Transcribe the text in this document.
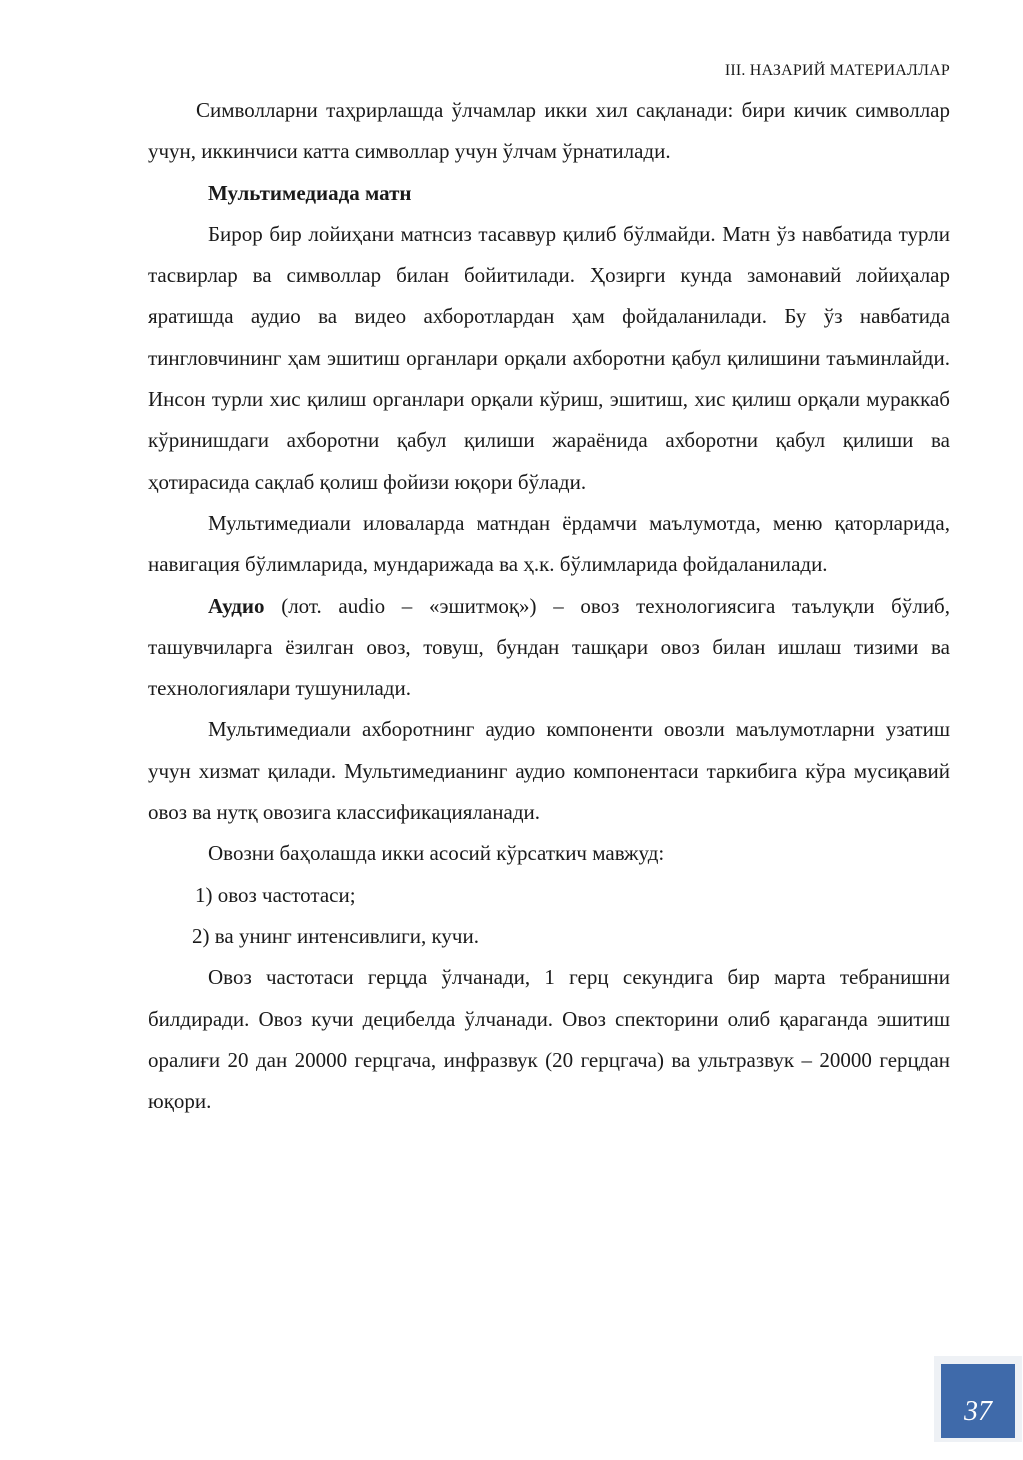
III. НАЗАРИЙ МАТЕРИАЛЛАР

Символларни таҳрирлашда ўлчамлар икки хил сақланади: бири кичик символлар учун, иккинчиси катта символлар учун ўлчам ўрнатилади.

Мультимедиада матн

Бирор бир лойиҳани матнсиз тасаввур қилиб бўлмайди. Матн ўз навбатида турли тасвирлар ва символлар билан бойитилади. Ҳозирги кунда замонавий лойиҳалар яратишда аудио ва видео ахборотлардан ҳам фойдаланилади. Бу ўз навбатида тингловчининг ҳам эшитиш органлари орқали ахборотни қабул қилишини таъминлайди. Инсон турли хис қилиш органлари орқали кўриш, эшитиш, хис қилиш орқали мураккаб кўринишдаги ахборотни қабул қилиши жараёнида ахборотни қабул қилиши ва ҳотирасида сақлаб қолиш фойизи юқори бўлади.

Мультимедиали иловаларда матндан ёрдамчи маълумотда, меню қаторларида, навигация бўлимларида, мундарижада ва ҳ.к. бўлимларида фойдаланилади.

Аудио (лот. audio – «эшитмоқ») – овоз технологиясига таълуқли бўлиб, ташувчиларга ёзилган овоз, товуш, бундан ташқари овоз билан ишлаш тизими ва технологиялари тушунилади.

Мультимедиали ахборотнинг аудио компоненти овозли маълумотларни узатиш учун хизмат қилади. Мультимедианинг аудио компонентаси таркибига кўра мусиқавий овоз ва нутқ овозига классификацияланади.

Овозни баҳолашда икки асосий кўрсаткич мавжуд:

1) овоз частотаси;

2) ва унинг интенсивлиги, кучи.

Овоз частотаси герцда ўлчанади, 1 герц секундига бир марта тебранишни билдиради. Овоз кучи децибелда ўлчанади. Овоз спекторини олиб қараганда эшитиш оралиғи 20 дан 20000 герцгача, инфразвук (20 герцгача) ва ультразвук – 20000 герцдан юқори.

37
